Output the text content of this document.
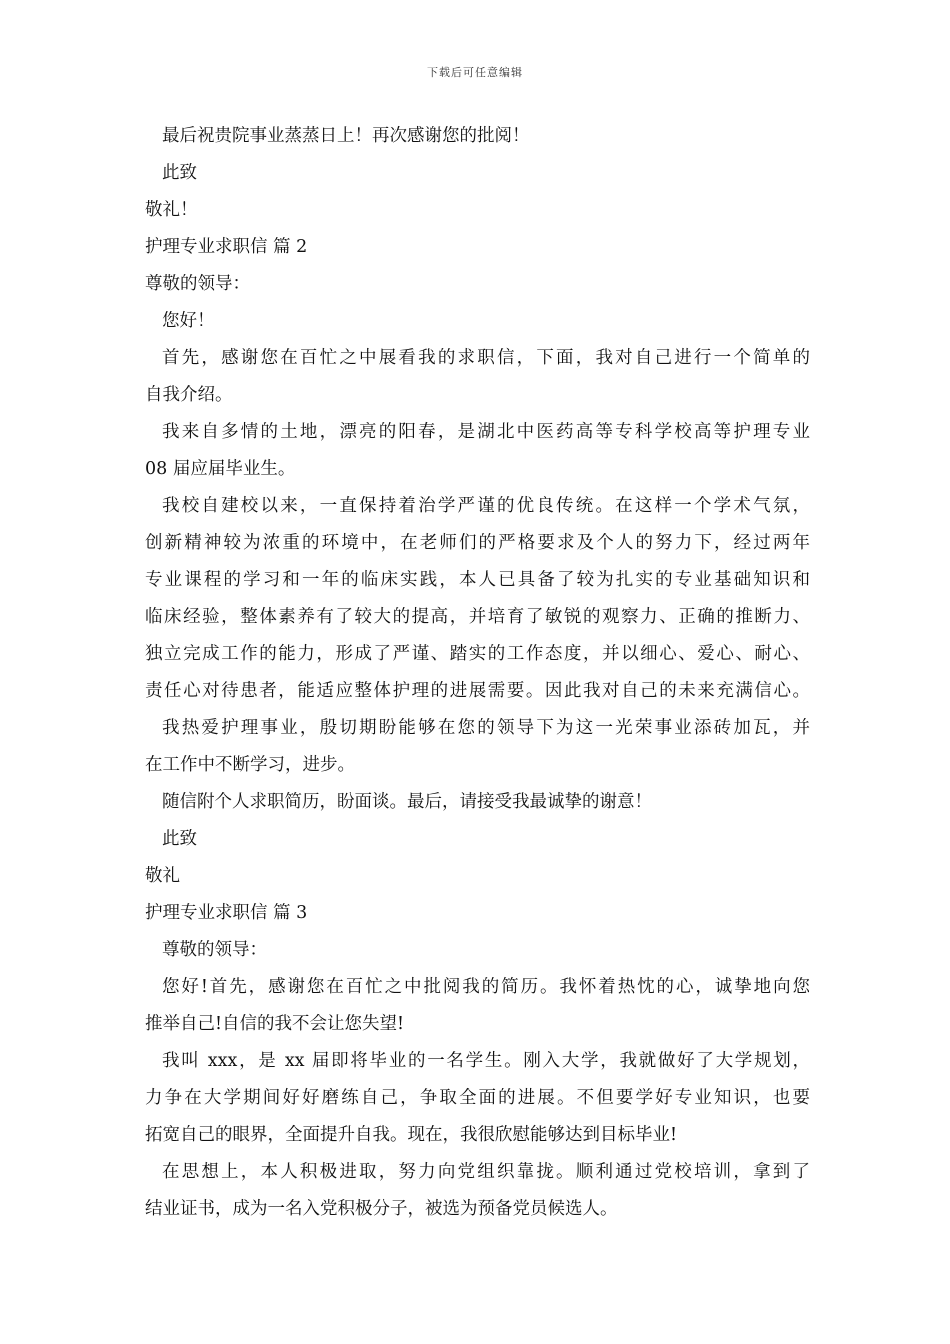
下载后可任意编辑
最后祝贵院事业蒸蒸日上！再次感谢您的批阅！
此致
敬礼！
护理专业求职信 篇 2
尊敬的领导：
您好！
首先，感谢您在百忙之中展看我的求职信，下面，我对自己进行一个简单的
自我介绍。
我来自多情的土地，漂亮的阳春，是湖北中医药高等专科学校高等护理专业
08 届应届毕业生。
我校自建校以来，一直保持着治学严谨的优良传统。在这样一个学术气氛，
创新精神较为浓重的环境中，在老师们的严格要求及个人的努力下，经过两年
专业课程的学习和一年的临床实践，本人已具备了较为扎实的专业基础知识和
临床经验，整体素养有了较大的提高，并培育了敏锐的观察力、正确的推断力、
独立完成工作的能力，形成了严谨、踏实的工作态度，并以细心、爱心、耐心、
责任心对待患者，能适应整体护理的进展需要。因此我对自己的未来充满信心。
我热爱护理事业，殷切期盼能够在您的领导下为这一光荣事业添砖加瓦，并
在工作中不断学习，进步。
随信附个人求职简历，盼面谈。最后，请接受我最诚挚的谢意！
此致
敬礼
护理专业求职信 篇 3
尊敬的领导：
您好!首先，感谢您在百忙之中批阅我的简历。我怀着热忱的心，诚挚地向您
推举自己!自信的我不会让您失望!
我叫 xxx，是 xx 届即将毕业的一名学生。刚入大学，我就做好了大学规划，
力争在大学期间好好磨练自己，争取全面的进展。不但要学好专业知识，也要
拓宽自己的眼界，全面提升自我。现在，我很欣慰能够达到目标毕业!
在思想上，本人积极进取，努力向党组织靠拢。顺利通过党校培训，拿到了
结业证书，成为一名入党积极分子，被选为预备党员候选人。
